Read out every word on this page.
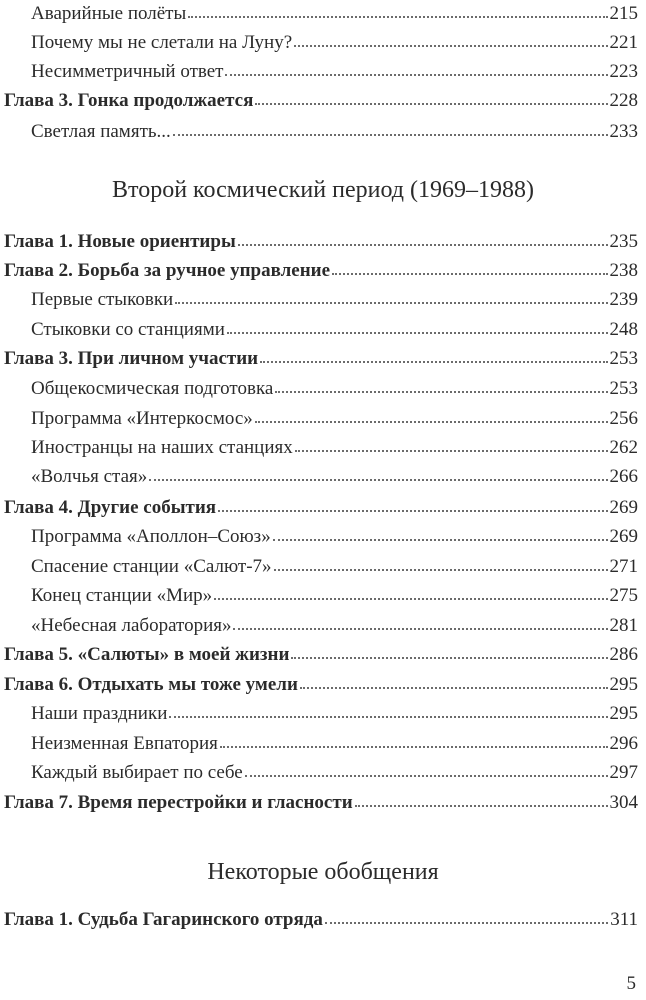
Аварийные полёты	215
Почему мы не слетали на Луну?	221
Несимметричный ответ	223
Глава 3. Гонка продолжается	228
Светлая память...	233
Второй космический период (1969–1988)
Глава 1. Новые ориентиры	235
Глава 2. Борьба за ручное управление	238
Первые стыковки	239
Стыковки со станциями	248
Глава 3. При личном участии	253
Общекосмическая подготовка	253
Программа «Интеркосмос»	256
Иностранцы на наших станциях	262
«Волчья стая»	266
Глава 4. Другие события	269
Программа «Аполлон–Союз»	269
Спасение станции «Салют-7»	271
Конец станции «Мир»	275
«Небесная лаборатория»	281
Глава 5. «Салюты» в моей жизни	286
Глава 6. Отдыхать мы тоже умели	295
Наши праздники	295
Неизменная Евпатория	296
Каждый выбирает по себе	297
Глава 7. Время перестройки и гласности	304
Некоторые обобщения
Глава 1. Судьба Гагаринского отряда	311
5
